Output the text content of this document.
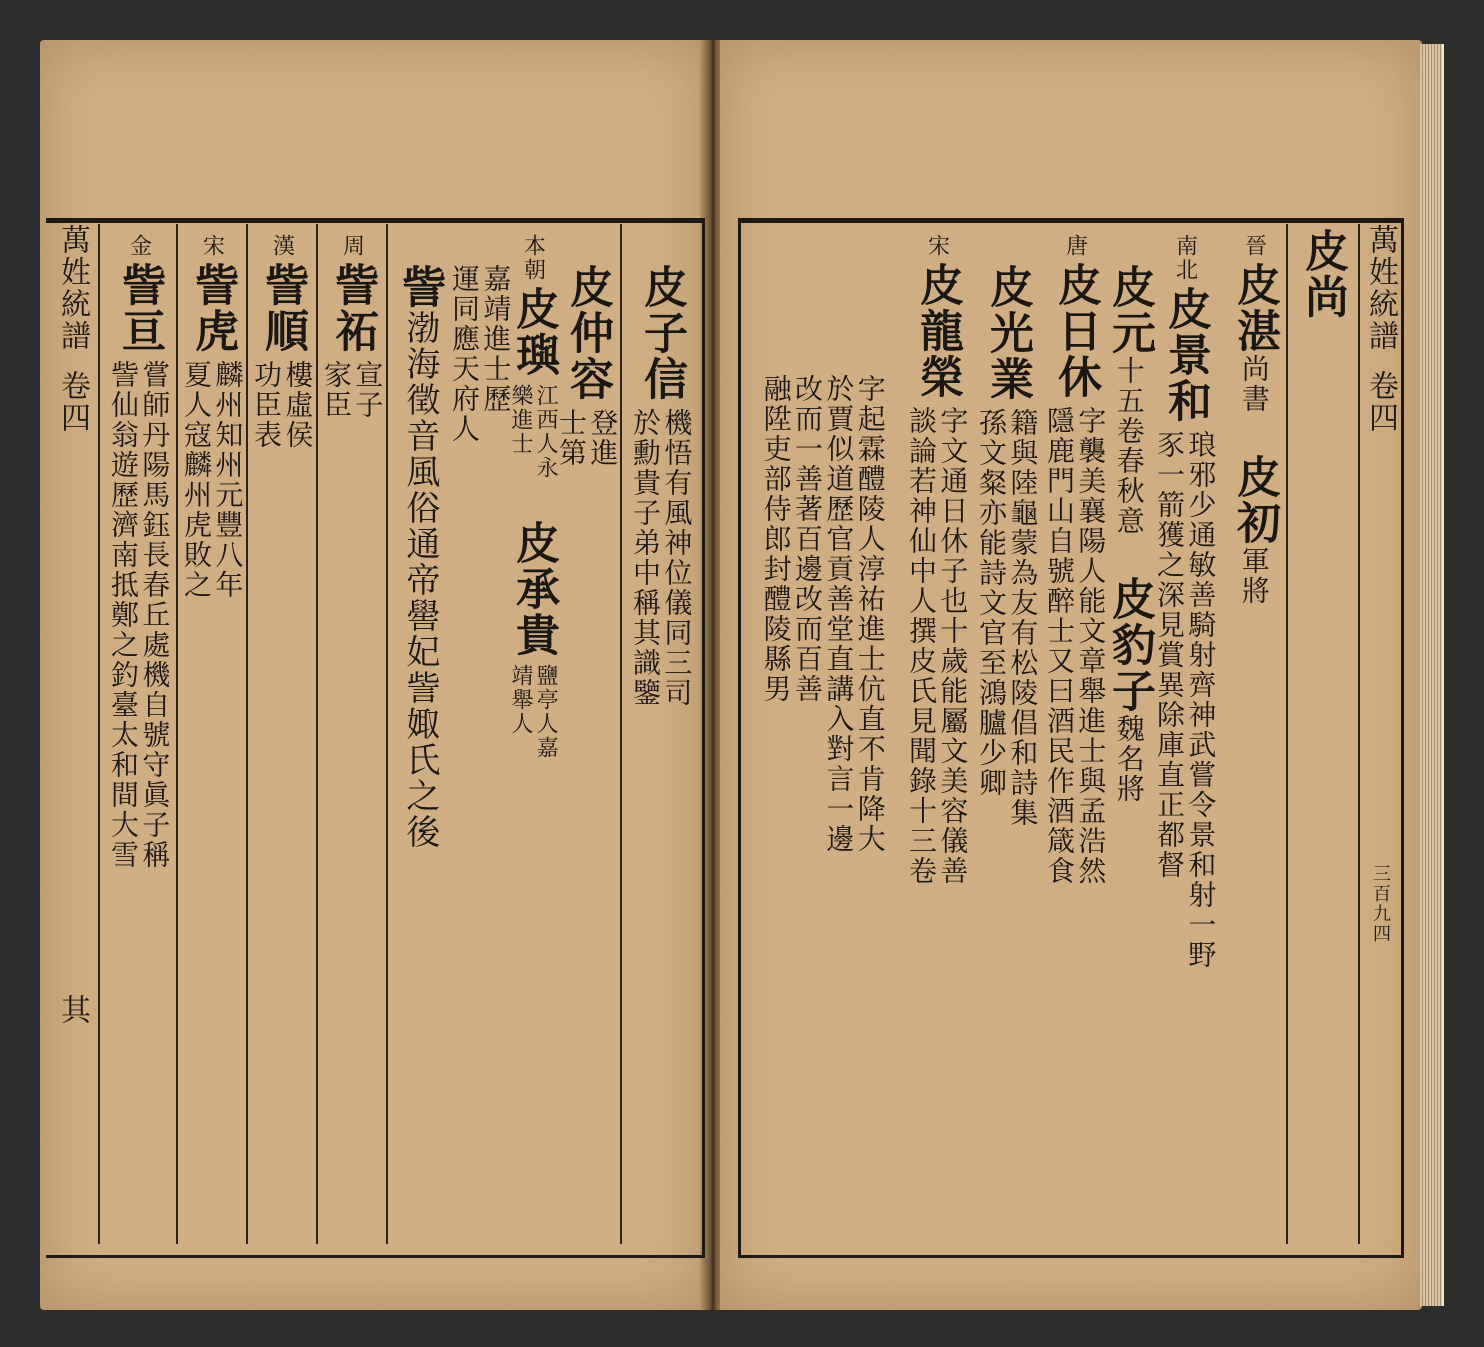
萬姓統譜
卷四
三百九四
皮尚
晉
皮湛
尚書
皮初
軍將
南北
皮景和
琅邪少通敏善騎射齊神武嘗令景和射一野
豕一箭獲之深見賞異除庫直正都督
皮元
十五卷春秋意
皮豹子
魏名將
唐
皮日休
字襲美襄陽人能文章舉進士與孟浩然
隱鹿門山自號醉士又曰酒民作酒箴食
皮光業
籍與陸龜蒙為友有松陵倡和詩集
孫文粲亦能詩文官至鴻臚少卿
宋
皮龍榮
字文通日休子也十歲能屬文美容儀善
談論若神仙中人撰皮氏見聞錄十三卷
字起霖醴陵人淳祐進士伉直不肯降大
於賈似道歷官貢善堂直講入對言一邊
改而一善著百邊改而百善
融陞吏部侍郎封醴陵縣男
皮子信
機悟有風神位儀同三司
於勳貴子弟中稱其識鑒
皮仲容
登進
士第
本朝
皮璵
江西人永
樂進士
皮承貴
鹽亭人嘉
靖舉人
嘉靖進士歷
運同應天府人
訾
渤海徵音風俗通帝嚳妃訾娵氏之後
周
訾祏
宣子
家臣
漢
訾順
樓虛侯
功臣表
宋
訾虎
麟州知州元豐八年
夏人寇麟州虎敗之
金
訾亘
嘗師丹陽馬鈺長春丘處機自號守眞子稱
訾仙翁遊歷濟南抵鄭之釣臺太和間大雪
萬姓統譜
卷四
其
